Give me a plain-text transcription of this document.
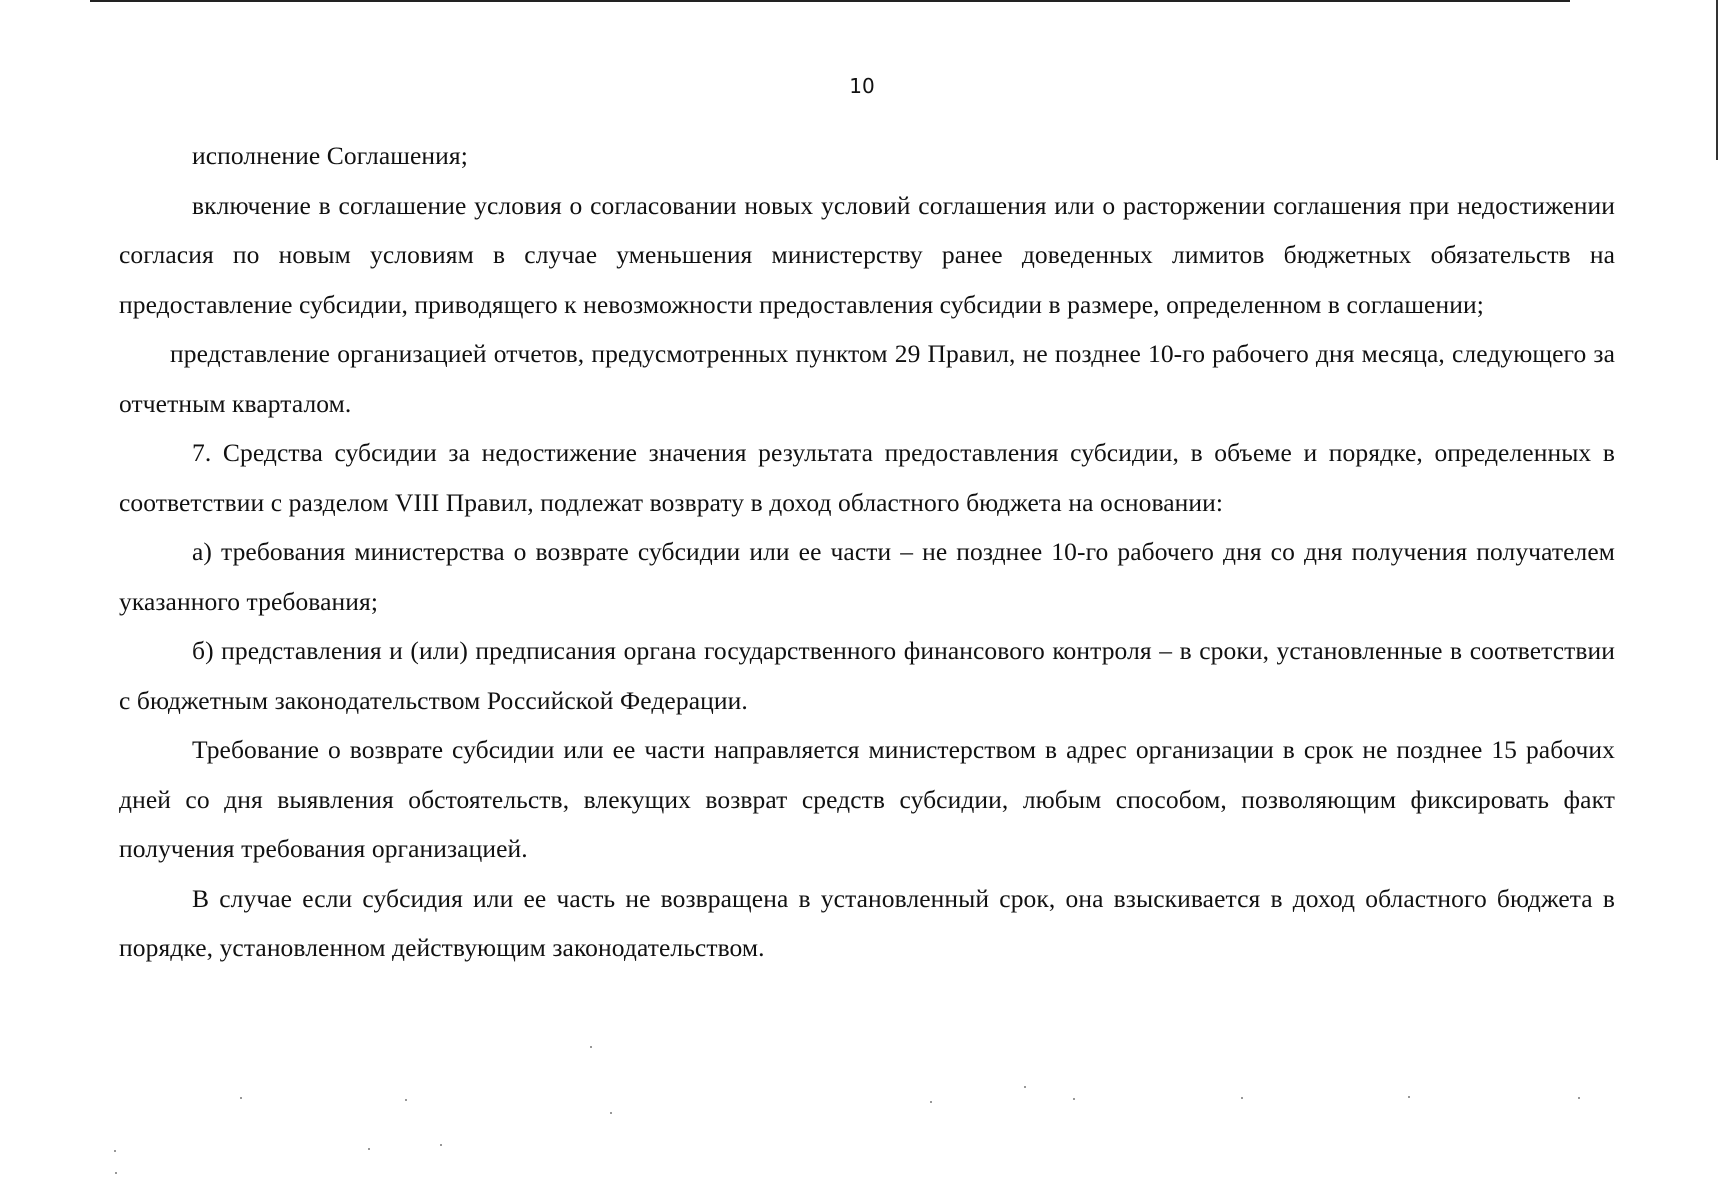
10

исполнение Соглашения;

включение в соглашение условия о согласовании новых условий соглашения или о расторжении соглашения при недостижении согласия по новым условиям в случае уменьшения министерству ранее доведенных лимитов бюджетных обязательств на предоставление субсидии, приводящего к невозможности предоставления субсидии в размере, определенном в соглашении;

представление организацией отчетов, предусмотренных пунктом 29 Правил, не позднее 10-го рабочего дня месяца, следующего за отчетным кварталом.

7. Средства субсидии за недостижение значения результата предоставления субсидии, в объеме и порядке, определенных в соответствии с разделом VIII Правил, подлежат возврату в доход областного бюджета на основании:

а) требования министерства о возврате субсидии или ее части – не позднее 10-го рабочего дня со дня получения получателем указанного требования;

б) представления и (или) предписания органа государственного финансового контроля – в сроки, установленные в соответствии с бюджетным законодательством Российской Федерации.

Требование о возврате субсидии или ее части направляется министерством в адрес организации в срок не позднее 15 рабочих дней со дня выявления обстоятельств, влекущих возврат средств субсидии, любым способом, позволяющим фиксировать факт получения требования организацией.

В случае если субсидия или ее часть не возвращена в установленный срок, она взыскивается в доход областного бюджета в порядке, установленном действующим законодательством.
